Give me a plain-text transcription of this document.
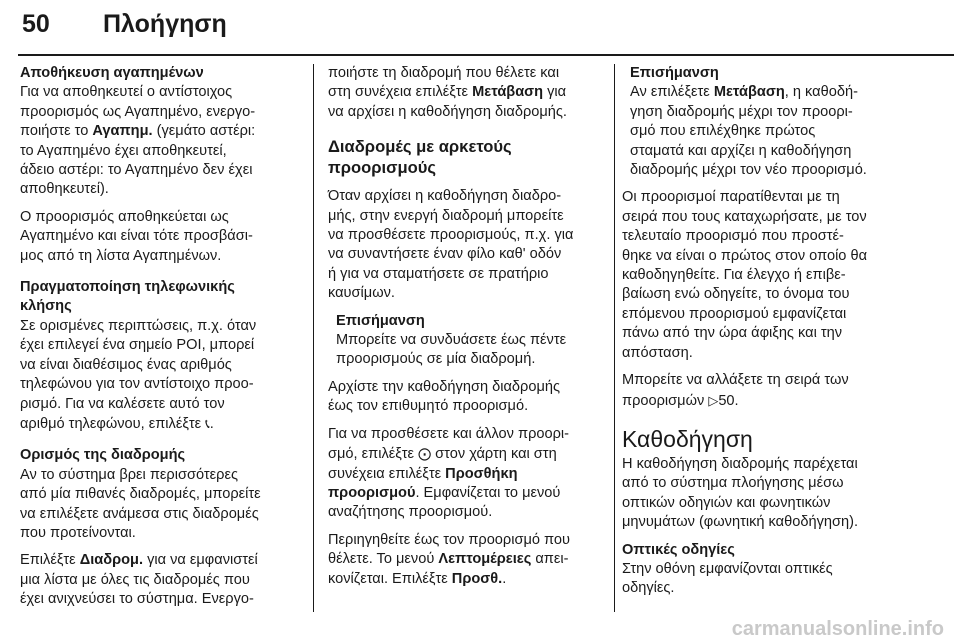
50 Πλοήγηση
Αποθήκευση αγαπημένων

Για να αποθηκευτεί ο αντίστοιχος
προορισμός ως Αγαπημένο, ενεργο-
ποιήστε το Αγαπημ. (γεμάτο αστέρι:
το Αγαπημένο έχει αποθηκευτεί,
άδειο αστέρι: το Αγαπημένο δεν έχει
αποθηκευτεί).

Ο προορισμός αποθηκεύεται ως
Αγαπημένο και είναι τότε προσβάσι-
μος από τη λίστα Αγαπημένων.

Πραγματοποίηση τηλεφωνικής
κλήσης

Σε ορισμένες περιπτώσεις, π.χ. όταν
έχει επιλεγεί ένα σημείο POI, μπορεί
να είναι διαθέσιμος ένας αριθμός
τηλεφώνου για τον αντίστοιχο προο-
ρισμό. Για να καλέσετε αυτό τον
αριθμό τηλεφώνου, επιλέξτε 📞︎.

Ορισμός της διαδρομής

Αν το σύστημα βρει περισσότερες
από μία πιθανές διαδρομές, μπορείτε
να επιλέξετε ανάμεσα στις διαδρομές
που προτείνονται.

Επιλέξτε Διαδρομ. για να εμφανιστεί
μια λίστα με όλες τις διαδρομές που
έχει ανιχνεύσει το σύστημα. Ενεργο-

ποιήστε τη διαδρομή που θέλετε και
στη συνέχεια επιλέξτε Μετάβαση για
να αρχίσει η καθοδήγηση διαδρομής.

Διαδρομές με αρκετούς
προορισμούς

Όταν αρχίσει η καθοδήγηση διαδρο-
μής, στην ενεργή διαδρομή μπορείτε
να προσθέσετε προορισμούς, π.χ. για
να συναντήσετε έναν φίλο καθ' οδόν
ή για να σταματήσετε σε πρατήριο
καυσίμων.

Επισήμανση

Μπορείτε να συνδυάσετε έως πέντε
προορισμούς σε μία διαδρομή.

Αρχίστε την καθοδήγηση διαδρομής
έως τον επιθυμητό προορισμό.

Για να προσθέσετε και άλλον προορι-
σμό, επιλέξτε ⨀ στον χάρτη και στη
συνέχεια επιλέξτε Προσθήκη
προορισμού. Εμφανίζεται το μενού
αναζήτησης προορισμού.

Περιηγηθείτε έως τον προορισμό που
θέλετε. Το μενού Λεπτομέρειες απει-
κονίζεται. Επιλέξτε Προσθ..

Επισήμανση

Αν επιλέξετε Μετάβαση, η καθοδή-
γηση διαδρομής μέχρι τον προορι-
σμό που επιλέχθηκε πρώτος
σταματά και αρχίζει η καθοδήγηση
διαδρομής μέχρι τον νέο προορισμό.

Οι προορισμοί παρατίθενται με τη
σειρά που τους καταχωρήσατε, με τον
τελευταίο προορισμό που προστέ-
θηκε να είναι ο πρώτος στον οποίο θα
καθοδηγηθείτε. Για έλεγχο ή επιβε-
βαίωση ενώ οδηγείτε, το όνομα του
επόμενου προορισμού εμφανίζεται
πάνω από την ώρα άφιξης και την
απόσταση.

Μπορείτε να αλλάξετε τη σειρά των
προορισμών ▷50.

Καθοδήγηση

Η καθοδήγηση διαδρομής παρέχεται
από το σύστημα πλοήγησης μέσω
οπτικών οδηγιών και φωνητικών
μηνυμάτων (φωνητική καθοδήγηση).

Οπτικές οδηγίες

Στην οθόνη εμφανίζονται οπτικές
οδηγίες.

carmanualsonline.info
